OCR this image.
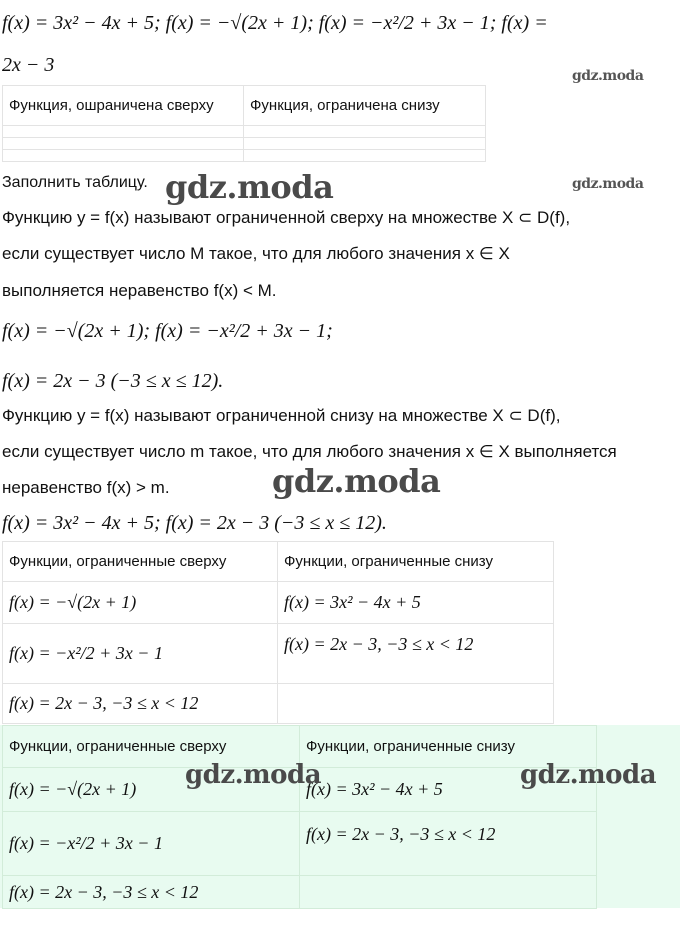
f(x) = 3x² − 4x + 5; f(x) = −√(2x + 1); f(x) = −x²/2 + 3x − 1; f(x) =
2x − 3	gdz.moda
Функция, ошраничена сверху	Функция, ограничена снизу

Заполнить таблицу. gdz.moda	gdz.moda
Функцию y = f(x) называют ограниченной сверху на множестве X ⊂ D(f),
если существует число M такое, что для любого значения x ∈ X
выполняется неравенство f(x) < M.
f(x) = −√(2x + 1); f(x) = −x²/2 + 3x − 1;
f(x) = 2x − 3 (−3 ≤ x ≤ 12).
Функцию y = f(x) называют ограниченной снизу на множестве X ⊂ D(f),
если существует число m такое, что для любого значения x ∈ X выполняется
неравенство f(x) > m.	gdz.moda
f(x) = 3x² − 4x + 5; f(x) = 2x − 3 (−3 ≤ x ≤ 12).
Функции, ограниченные сверху	Функции, ограниченные снизу
f(x) = −√(2x + 1)	f(x) = 3x² − 4x + 5
f(x) = −x²/2 + 3x − 1	f(x) = 2x − 3, −3 ≤ x < 12
f(x) = 2x − 3, −3 ≤ x < 12	
Функции, ограниченные сверху	Функции, ограниченные снизу
f(x) = −√(2x + 1)	f(x) = 3x² − 4x + 5
f(x) = −x²/2 + 3x − 1	f(x) = 2x − 3, −3 ≤ x < 12
f(x) = 2x − 3, −3 ≤ x < 12	
gdz.moda	gdz.moda
